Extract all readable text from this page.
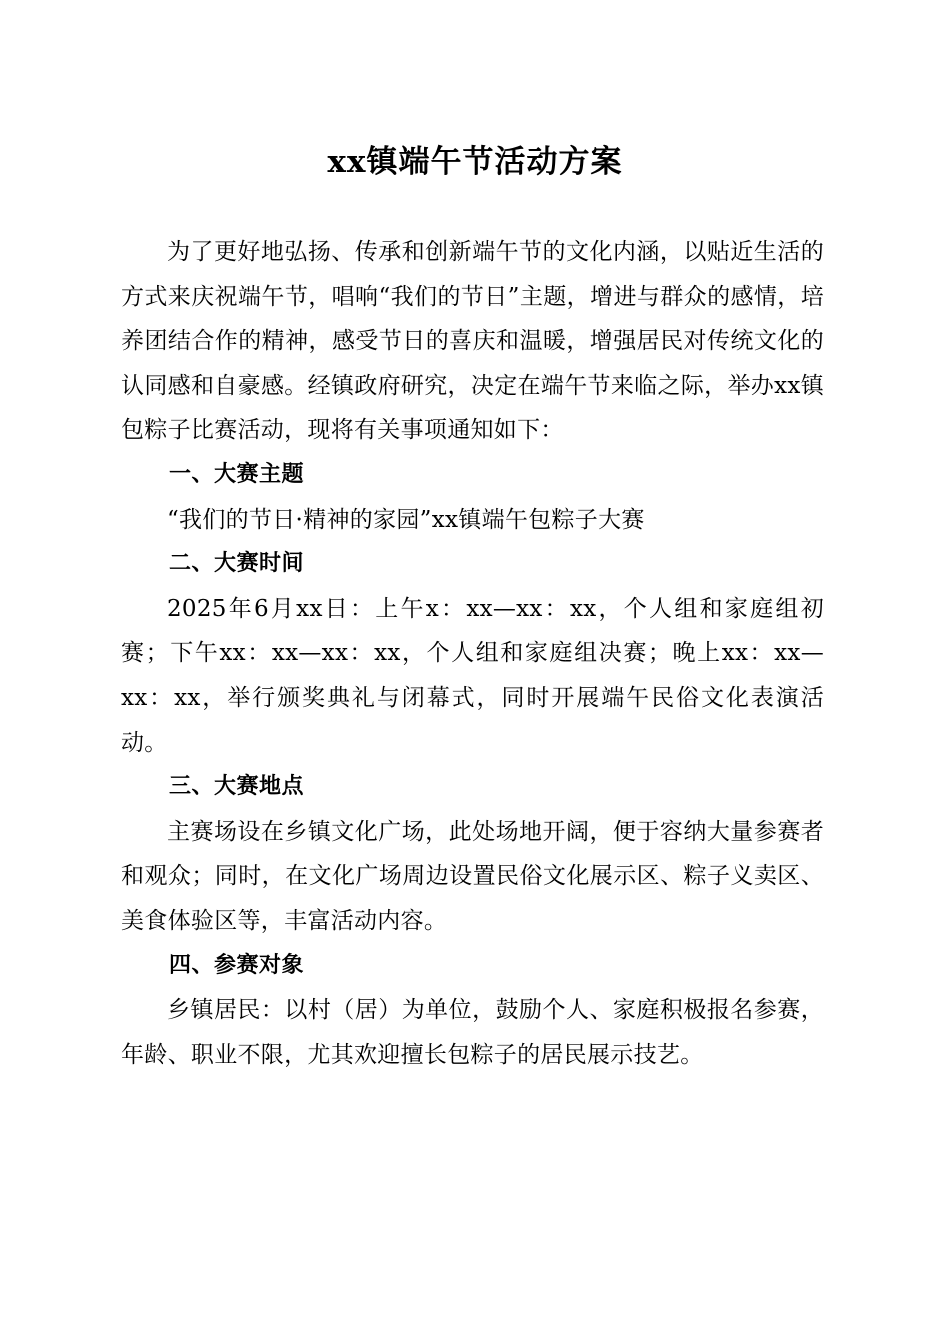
xx镇端午节活动方案

为了更好地弘扬、传承和创新端午节的文化内涵，以贴近生活的方式来庆祝端午节，唱响“我们的节日”主题，增进与群众的感情，培养团结合作的精神，感受节日的喜庆和温暖，增强居民对传统文化的认同感和自豪感。经镇政府研究，决定在端午节来临之际，举办xx镇包粽子比赛活动，现将有关事项通知如下：

一、大赛主题

“我们的节日·精神的家园”xx镇端午包粽子大赛

二、大赛时间

2025年6月xx日：上午x：xx—xx：xx，个人组和家庭组初赛；下午xx：xx—xx：xx，个人组和家庭组决赛；晚上xx：xx—xx：xx，举行颁奖典礼与闭幕式，同时开展端午民俗文化表演活动。

三、大赛地点

主赛场设在乡镇文化广场，此处场地开阔，便于容纳大量参赛者和观众；同时，在文化广场周边设置民俗文化展示区、粽子义卖区、美食体验区等，丰富活动内容。

四、参赛对象

乡镇居民：以村（居）为单位，鼓励个人、家庭积极报名参赛，年龄、职业不限，尤其欢迎擅长包粽子的居民展示技艺。
